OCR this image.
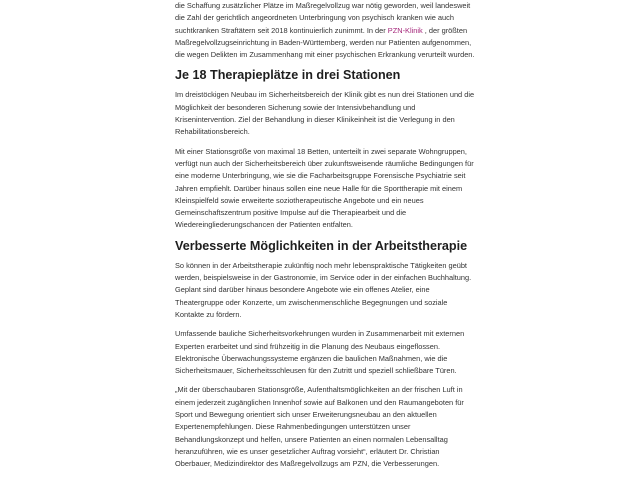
die Schaffung zusätzlicher Plätze im Maßregelvollzug war nötig geworden, weil landesweit die Zahl der gerichtlich angeordneten Unterbringung von psychisch kranken wie auch suchtkranken Straftätern seit 2018 kontinuierlich zunimmt. In der PZN-Klinik , der größten Maßregelvollzugseinrichtung in Baden-Württemberg, werden nur Patienten aufgenommen, die wegen Delikten im Zusammenhang mit einer psychischen Erkrankung verurteilt wurden.

Je 18 Therapieplätze in drei Stationen

Im dreistöckigen Neubau im Sicherheitsbereich der Klinik gibt es nun drei Stationen und die Möglichkeit der besonderen Sicherung sowie der Intensivbehandlung und Krisenintervention. Ziel der Behandlung in dieser Klinikeinheit ist die Verlegung in den Rehabilitationsbereich.

Mit einer Stationsgröße von maximal 18 Betten, unterteilt in zwei separate Wohngruppen, verfügt nun auch der Sicherheitsbereich über zukunftsweisende räumliche Bedingungen für eine moderne Unterbringung, wie sie die Facharbeitsgruppe Forensische Psychiatrie seit Jahren empfiehlt. Darüber hinaus sollen eine neue Halle für die Sporttherapie mit einem Kleinspielfeld sowie erweiterte soziotherapeutische Angebote und ein neues Gemeinschaftszentrum positive Impulse auf die Therapiearbeit und die Wiedereingliederungschancen der Patienten entfalten.

Verbesserte Möglichkeiten in der Arbeitstherapie

So können in der Arbeitstherapie zukünftig noch mehr lebenspraktische Tätigkeiten geübt werden, beispielsweise in der Gastronomie, im Service oder in der einfachen Buchhaltung. Geplant sind darüber hinaus besondere Angebote wie ein offenes Atelier, eine Theatergruppe oder Konzerte, um zwischenmenschliche Begegnungen und soziale Kontakte zu fördern.

Umfassende bauliche Sicherheitsvorkehrungen wurden in Zusammenarbeit mit externen Experten erarbeitet und sind frühzeitig in die Planung des Neubaus eingeflossen. Elektronische Überwachungssysteme ergänzen die baulichen Maßnahmen, wie die Sicherheitsmauer, Sicherheitsschleusen für den Zutritt und speziell schließbare Türen.

„Mit der überschaubaren Stationsgröße, Aufenthaltsmöglichkeiten an der frischen Luft in einem jederzeit zugänglichen Innenhof sowie auf Balkonen und den Raumangeboten für Sport und Bewegung orientiert sich unser Erweiterungsneubau an den aktuellen Expertenempfehlungen. Diese Rahmenbedingungen unterstützen unser Behandlungskonzept und helfen, unsere Patienten an einen normalen Lebensalltag heranzuführen, wie es unser gesetzlicher Auftrag vorsieht“, erläutert Dr. Christian Oberbauer, Medizindirektor des Maßregelvollzugs am PZN, die Verbesserungen.
